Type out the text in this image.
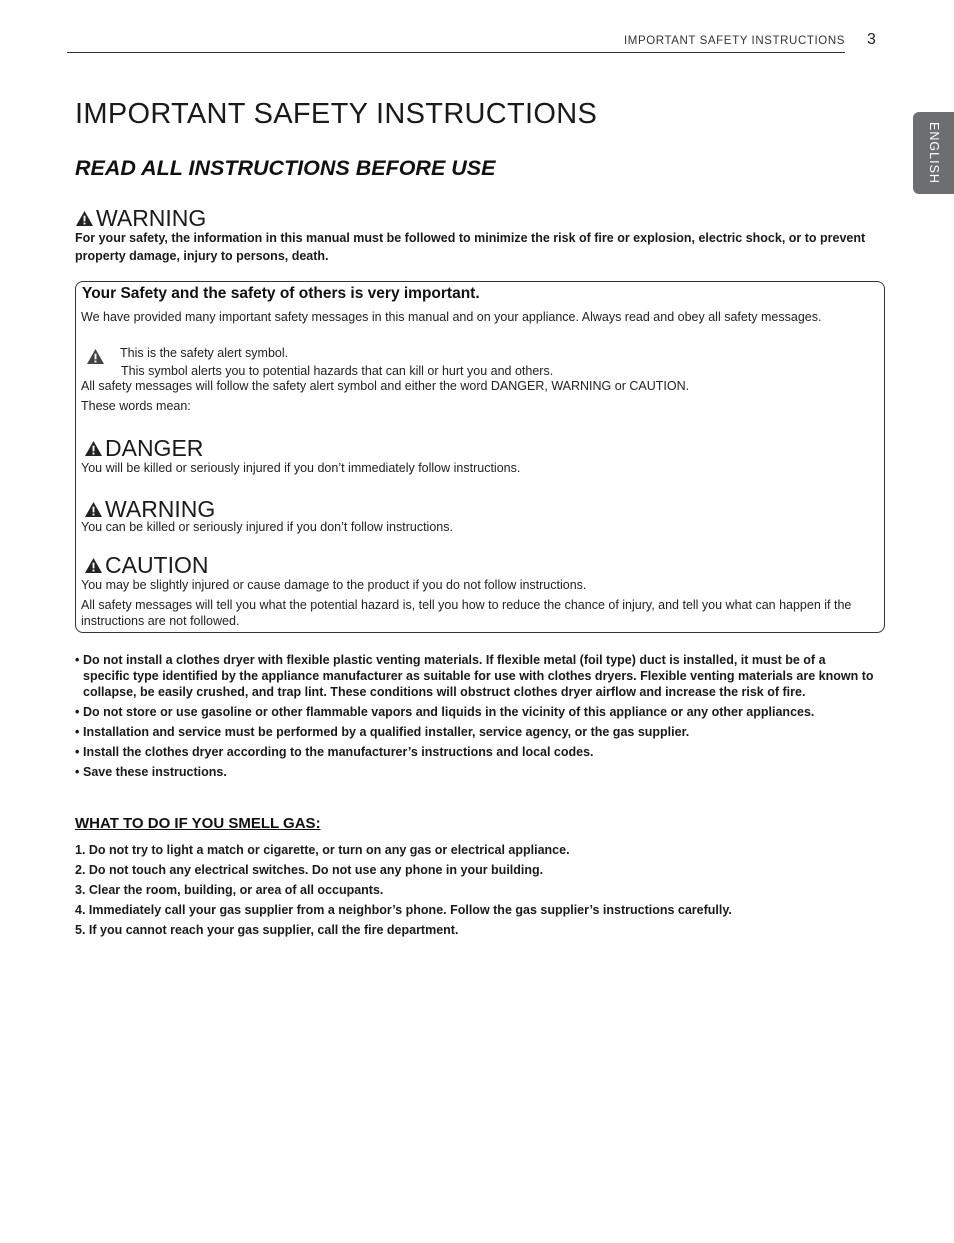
IMPORTANT SAFETY INSTRUCTIONS 3
ENGLISH
IMPORTANT SAFETY INSTRUCTIONS
READ ALL INSTRUCTIONS BEFORE USE
WARNING

For your safety, the information in this manual must be followed to minimize the risk of fire or explosion, electric shock, or to prevent property damage, injury to persons, death.

Your Safety and the safety of others is very important.

We have provided many important safety messages in this manual and on your appliance. Always read and obey all safety messages.

This is the safety alert symbol.

This symbol alerts you to potential hazards that can kill or hurt you and others.

All safety messages will follow the safety alert symbol and either the word DANGER, WARNING or CAUTION.

These words mean:

DANGER

You will be killed or seriously injured if you don’t immediately follow instructions.

WARNING

You can be killed or seriously injured if you don’t follow instructions.

CAUTION

You may be slightly injured or cause damage to the product if you do not follow instructions.

All safety messages will tell you what the potential hazard is, tell you how to reduce the chance of injury, and tell you what can happen if the instructions are not followed.

• Do not install a clothes dryer with flexible plastic venting materials. If flexible metal (foil type) duct is installed, it must be of a specific type identified by the appliance manufacturer as suitable for use with clothes dryers. Flexible venting materials are known to collapse, be easily crushed, and trap lint. These conditions will obstruct clothes dryer airflow and increase the risk of fire.
• Do not store or use gasoline or other flammable vapors and liquids in the vicinity of this appliance or any other appliances.
• Installation and service must be performed by a qualified installer, service agency, or the gas supplier.
• Install the clothes dryer according to the manufacturer’s instructions and local codes.
• Save these instructions.
WHAT TO DO IF YOU SMELL GAS:
1. Do not try to light a match or cigarette, or turn on any gas or electrical appliance.
2. Do not touch any electrical switches. Do not use any phone in your building.
3. Clear the room, building, or area of all occupants.
4. Immediately call your gas supplier from a neighbor’s phone. Follow the gas supplier’s instructions carefully.
5. If you cannot reach your gas supplier, call the fire department.
